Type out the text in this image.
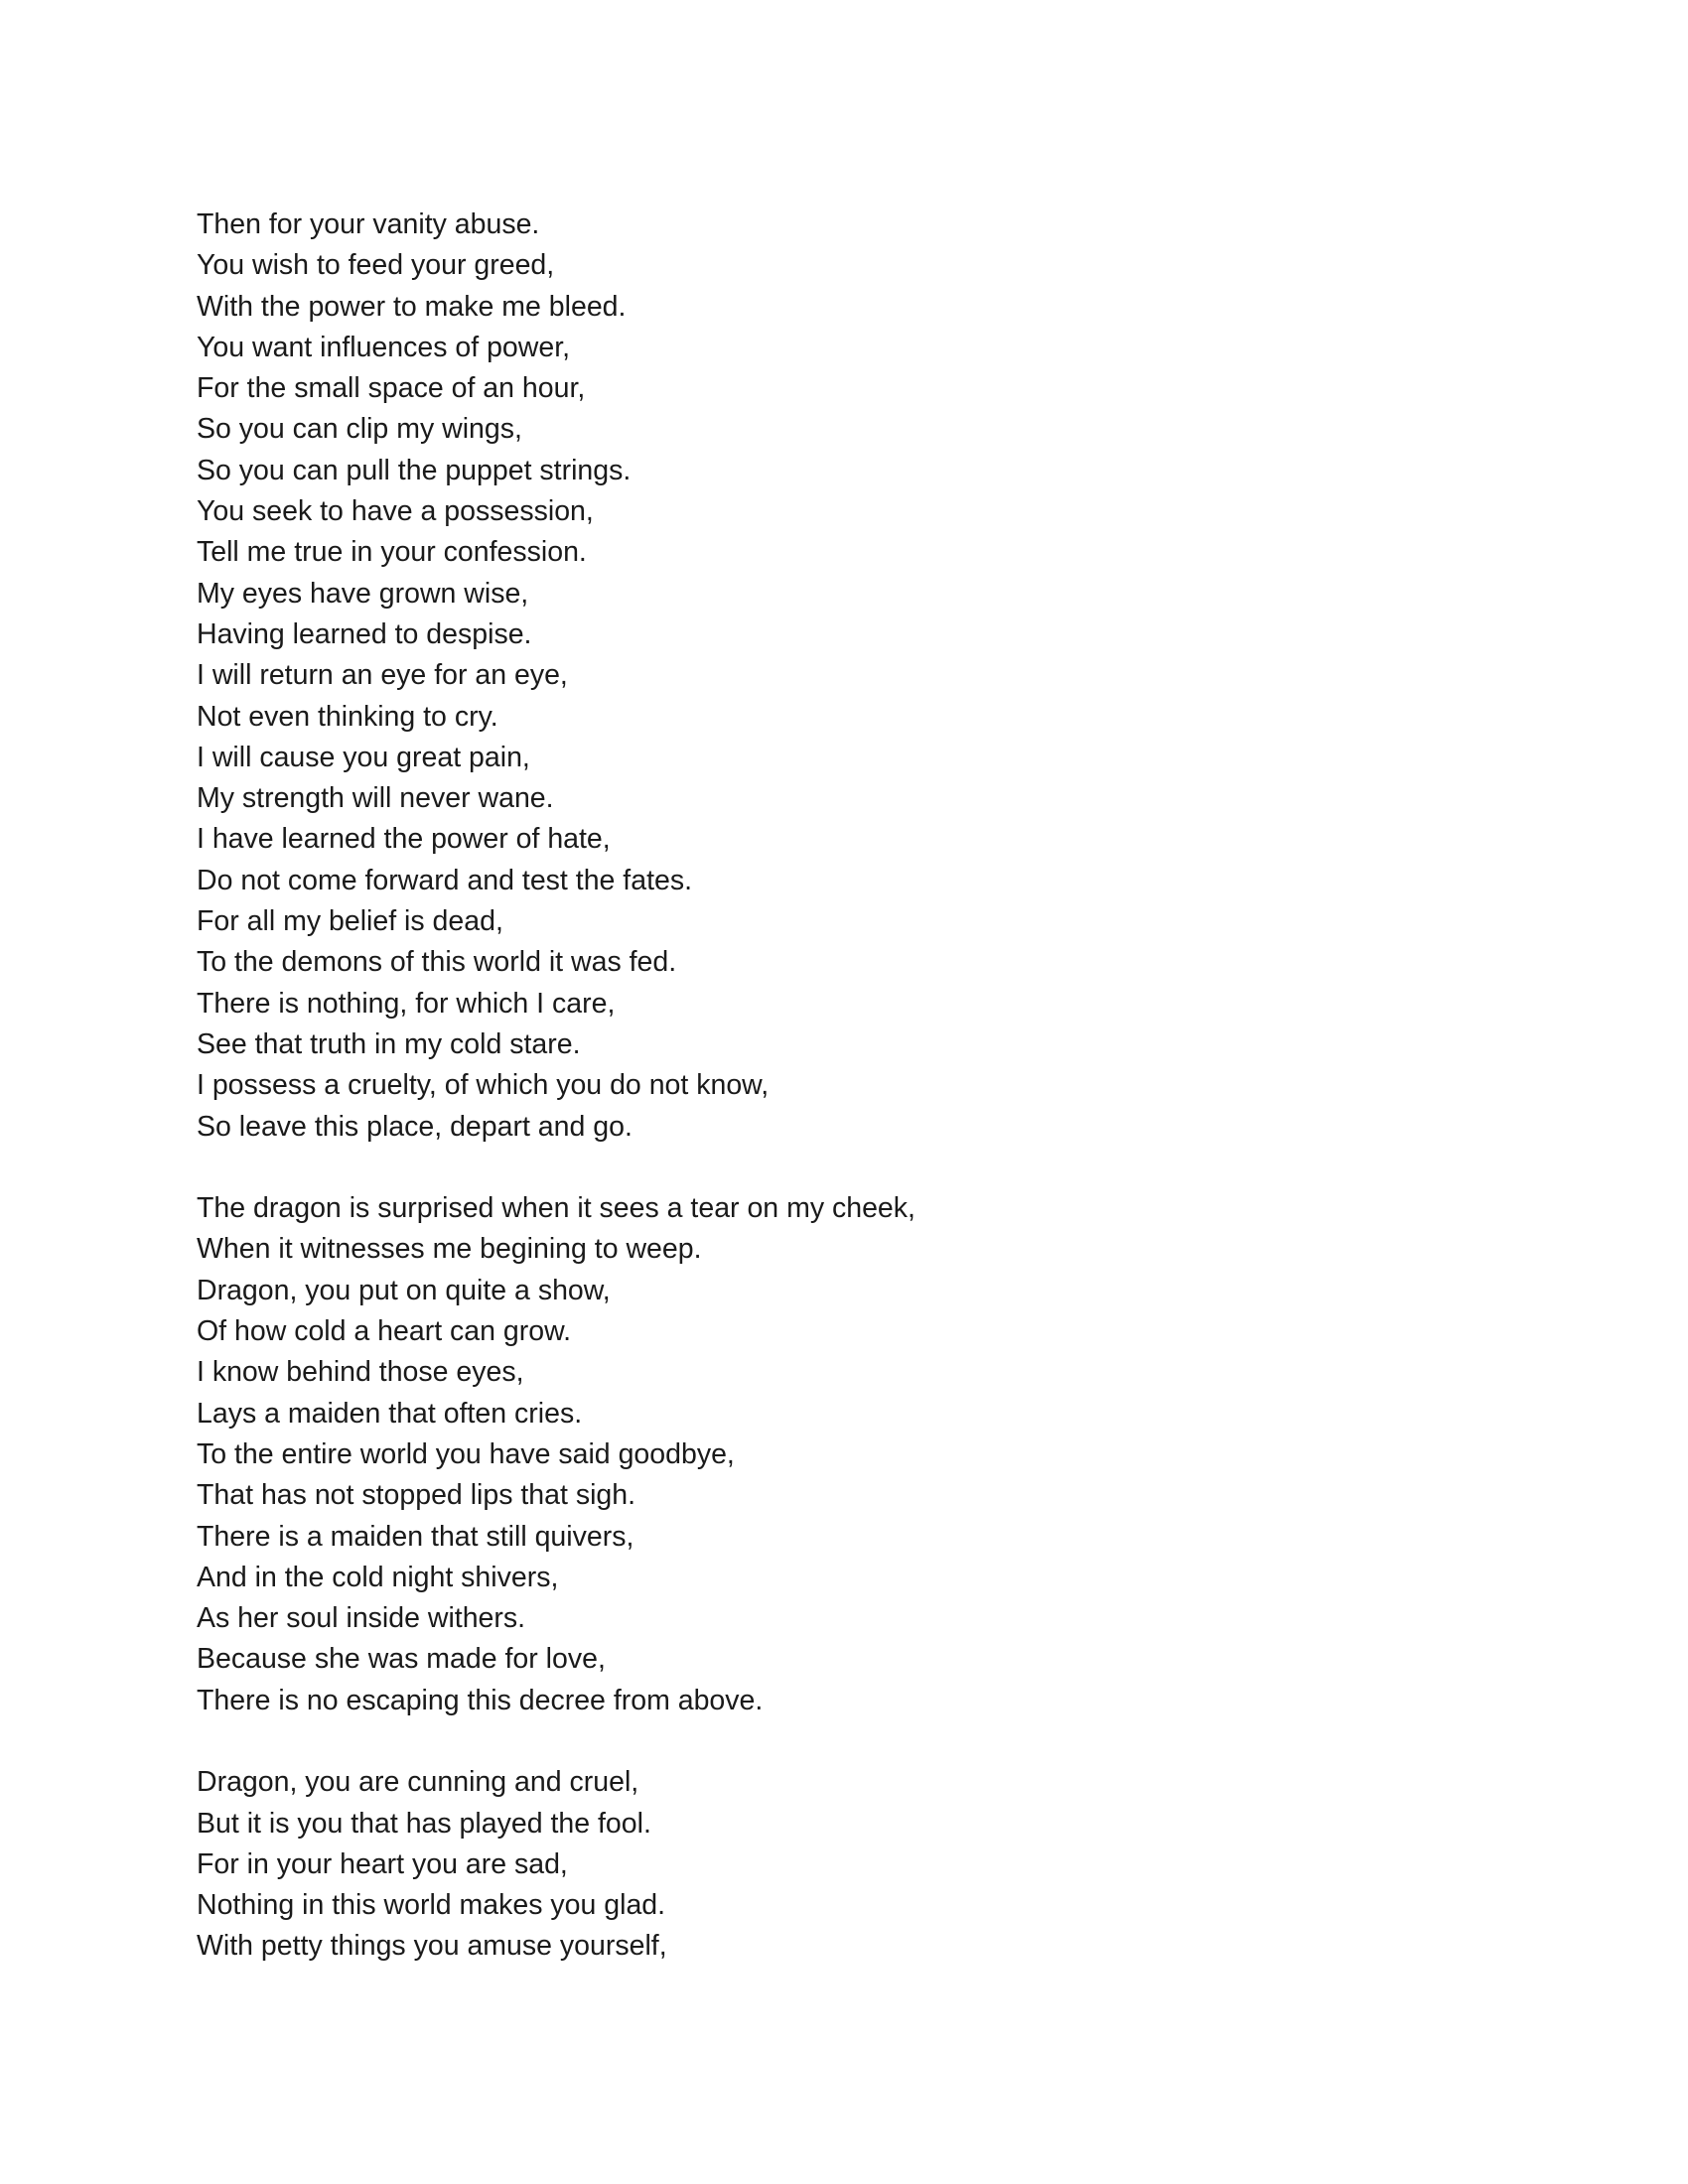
Then for your vanity abuse.
You wish to feed your greed,
With the power to make me bleed.
You want influences of power,
For the small space of an hour,
So you can clip my wings,
So you can pull the puppet strings.
You seek to have a possession,
Tell me true in your confession.
My eyes have grown wise,
Having learned to despise.
I will return an eye for an eye,
Not even thinking to cry.
I will cause you great pain,
My strength will never wane.
I have learned the power of hate,
Do not come forward and test the fates.
For all my belief is dead,
To the demons of this world it was fed.
There is nothing, for which I care,
See that truth in my cold stare.
I possess a cruelty, of which you do not know,
So leave this place, depart and go.
The dragon is surprised when it sees a tear on my cheek,
When it witnesses me begining to weep.
Dragon, you put on quite a show,
Of how cold a heart can grow.
I know behind those eyes,
Lays a maiden that often cries.
To the entire world you have said goodbye,
That has not stopped lips that sigh.
There is a maiden that still quivers,
And in the cold night shivers,
As her soul inside withers.
Because she was made for love,
There is no escaping this decree from above.
Dragon, you are cunning and cruel,
But it is you that has played the fool.
For in your heart you are sad,
Nothing in this world makes you glad.
With petty things you amuse yourself,
